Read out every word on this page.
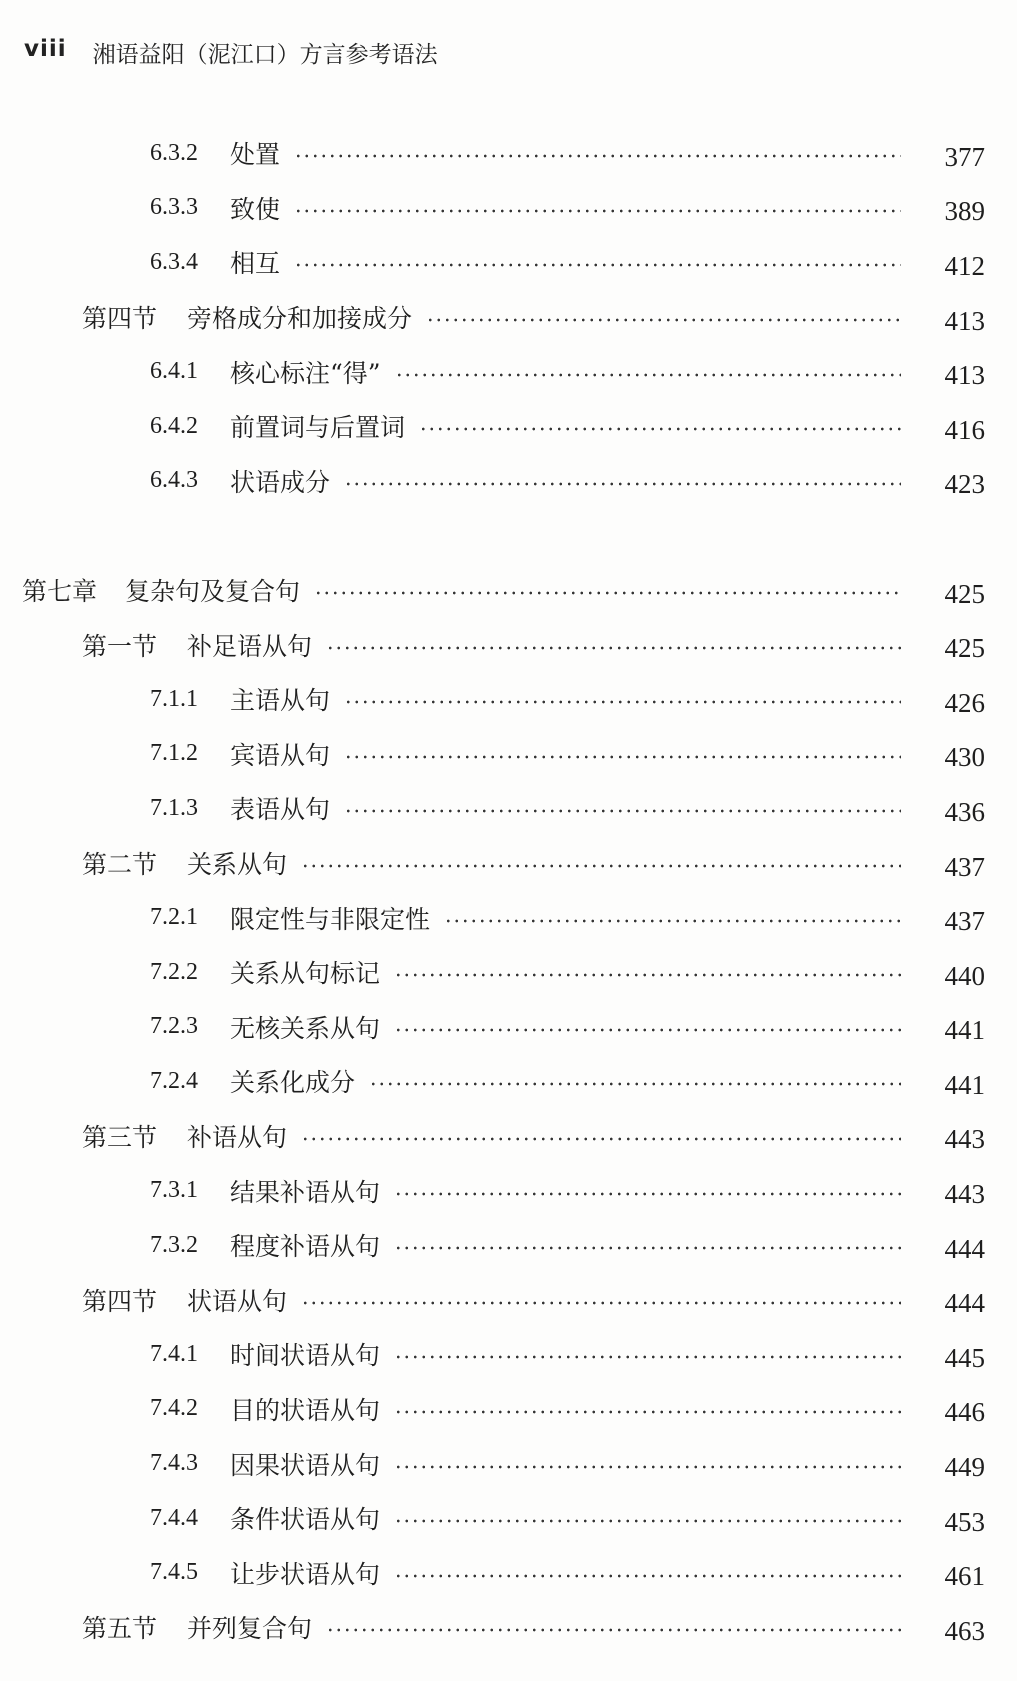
viii 湘语益阳（泥江口）方言参考语法
6.3.2	处置	377
6.3.3	致使	389
6.3.4	相互	412
第四节 旁格成分和加接成分	413
6.4.1	核心标注“得”	413
6.4.2	前置词与后置词	416
6.4.3	状语成分	423
第七章 复杂句及复合句	425
第一节 补足语从句	425
7.1.1	主语从句	426
7.1.2	宾语从句	430
7.1.3	表语从句	436
第二节 关系从句	437
7.2.1	限定性与非限定性	437
7.2.2	关系从句标记	440
7.2.3	无核关系从句	441
7.2.4	关系化成分	441
第三节 补语从句	443
7.3.1	结果补语从句	443
7.3.2	程度补语从句	444
第四节 状语从句	444
7.4.1	时间状语从句	445
7.4.2	目的状语从句	446
7.4.3	因果状语从句	449
7.4.4	条件状语从句	453
7.4.5	让步状语从句	461
第五节 并列复合句	463
